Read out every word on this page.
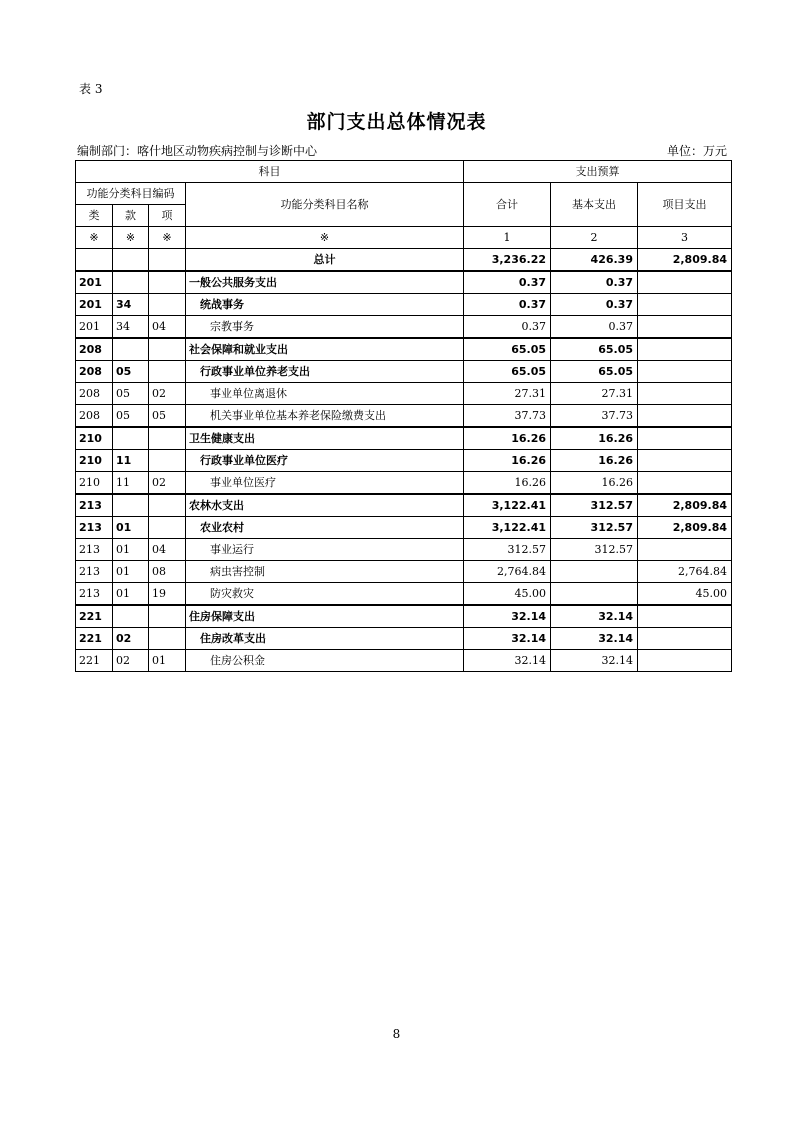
表 3
部门支出总体情况表
编制部门：喀什地区动物疾病控制与诊断中心	单位：万元
科目				支出预算		
功能分类科目编码			功能分类科目名称	合计	基本支出	项目支出
类	款	项				
※	※	※	※	1	2	3
			总计	3,236.22	426.39	2,809.84
201			一般公共服务支出	0.37	0.37	
201	34		统战事务	0.37	0.37	
201	34	04	宗教事务	0.37	0.37	
208			社会保障和就业支出	65.05	65.05	
208	05		行政事业单位养老支出	65.05	65.05	
208	05	02	事业单位离退休	27.31	27.31	
208	05	05	机关事业单位基本养老保险缴费支出	37.73	37.73	
210			卫生健康支出	16.26	16.26	
210	11		行政事业单位医疗	16.26	16.26	
210	11	02	事业单位医疗	16.26	16.26	
213			农林水支出	3,122.41	312.57	2,809.84
213	01		农业农村	3,122.41	312.57	2,809.84
213	01	04	事业运行	312.57	312.57	
213	01	08	病虫害控制	2,764.84		2,764.84
213	01	19	防灾救灾	45.00		45.00
221			住房保障支出	32.14	32.14	
221	02		住房改革支出	32.14	32.14	
221	02	01	住房公积金	32.14	32.14	
8
